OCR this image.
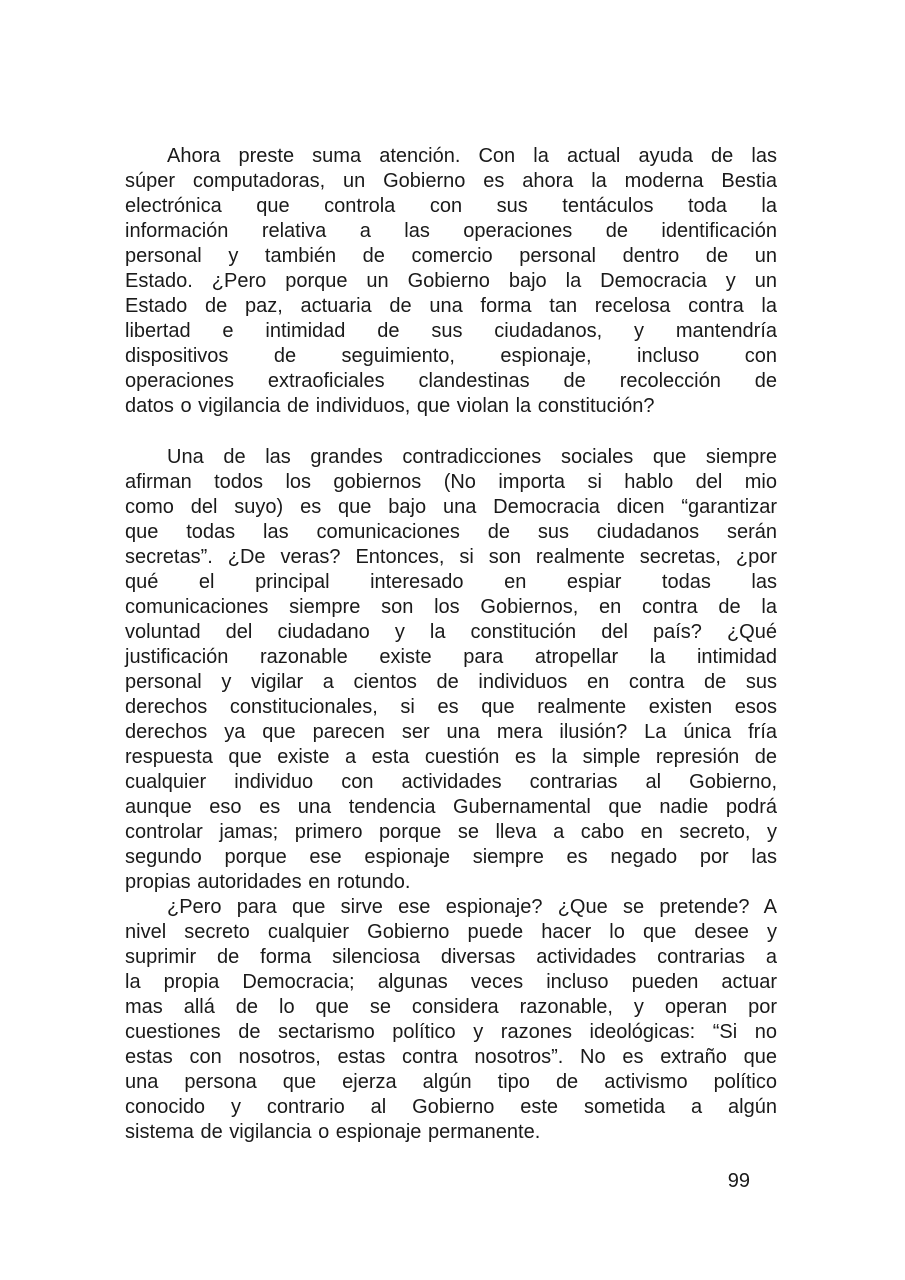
Ahora preste suma atención. Con la actual ayuda de las
súper computadoras, un Gobierno es ahora la moderna Bestia
electrónica que controla con sus tentáculos toda la
información relativa a las operaciones de identificación
personal y también de comercio personal dentro de un
Estado. ¿Pero porque un Gobierno bajo la Democracia y un
Estado de paz, actuaria de una forma tan recelosa contra la
libertad e intimidad de sus ciudadanos, y mantendría
dispositivos de seguimiento, espionaje, incluso con
operaciones extraoficiales clandestinas de recolección de
datos o vigilancia de individuos, que violan la constitución?
Una de las grandes contradicciones sociales que siempre
afirman todos los gobiernos (No importa si hablo del mio
como del suyo) es que bajo una Democracia dicen “garantizar
que todas las comunicaciones de sus ciudadanos serán
secretas”. ¿De veras? Entonces, si son realmente secretas, ¿por
qué el principal interesado en espiar todas las
comunicaciones siempre son los Gobiernos, en contra de la
voluntad del ciudadano y la constitución del país? ¿Qué
justificación razonable existe para atropellar la intimidad
personal y vigilar a cientos de individuos en contra de sus
derechos constitucionales, si es que realmente existen esos
derechos ya que parecen ser una mera ilusión? La única fría
respuesta que existe a esta cuestión es la simple represión de
cualquier individuo con actividades contrarias al Gobierno,
aunque eso es una tendencia Gubernamental que nadie podrá
controlar jamas; primero porque se lleva a cabo en secreto, y
segundo porque ese espionaje siempre es negado por las
propias autoridades en rotundo.
¿Pero para que sirve ese espionaje? ¿Que se pretende? A
nivel secreto cualquier Gobierno puede hacer lo que desee y
suprimir de forma silenciosa diversas actividades contrarias a
la propia Democracia; algunas veces incluso pueden actuar
mas allá de lo que se considera razonable, y operan por
cuestiones de sectarismo político y razones ideológicas: “Si no
estas con nosotros, estas contra nosotros”. No es extraño que
una persona que ejerza algún tipo de activismo político
conocido y contrario al Gobierno este sometida a algún
sistema de vigilancia o espionaje permanente.
99
